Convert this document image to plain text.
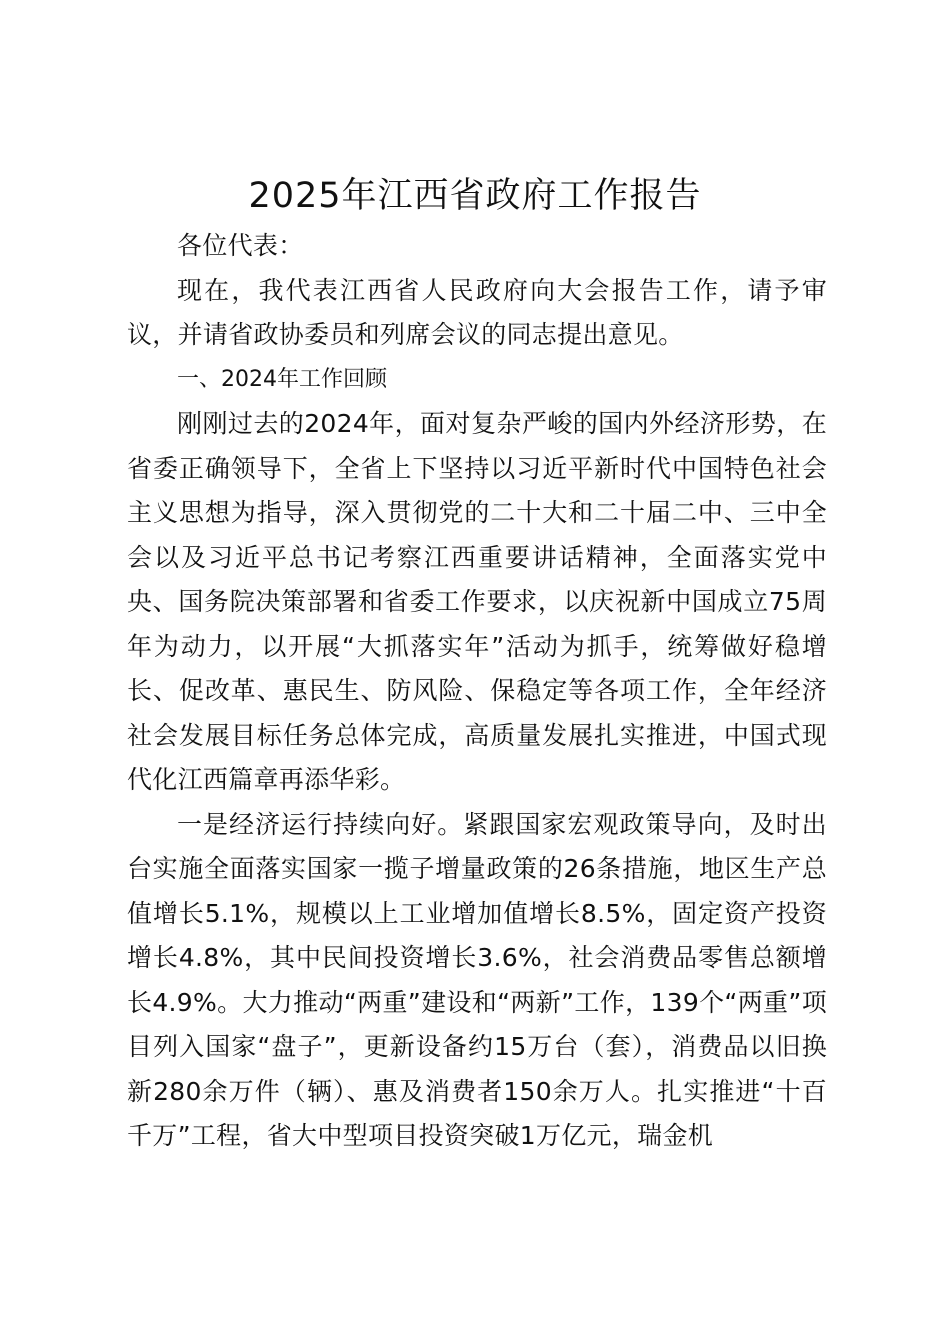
2025年江西省政府工作报告

各位代表：

现在，我代表江西省人民政府向大会报告工作，请予审议，并请省政协委员和列席会议的同志提出意见。

一、2024年工作回顾

刚刚过去的2024年，面对复杂严峻的国内外经济形势，在省委正确领导下，全省上下坚持以习近平新时代中国特色社会主义思想为指导，深入贯彻党的二十大和二十届二中、三中全会以及习近平总书记考察江西重要讲话精神，全面落实党中央、国务院决策部署和省委工作要求，以庆祝新中国成立75周年为动力，以开展“大抓落实年”活动为抓手，统筹做好稳增长、促改革、惠民生、防风险、保稳定等各项工作，全年经济社会发展目标任务总体完成，高质量发展扎实推进，中国式现代化江西篇章再添华彩。

一是经济运行持续向好。紧跟国家宏观政策导向，及时出台实施全面落实国家一揽子增量政策的26条措施，地区生产总值增长5.1%，规模以上工业增加值增长8.5%，固定资产投资增长4.8%，其中民间投资增长3.6%，社会消费品零售总额增长4.9%。大力推动“两重”建设和“两新”工作，139个“两重”项目列入国家“盘子”，更新设备约15万台（套），消费品以旧换新280余万件（辆）、惠及消费者150余万人。扎实推进“十百千万”工程，省大中型项目投资突破1万亿元，瑞金机
